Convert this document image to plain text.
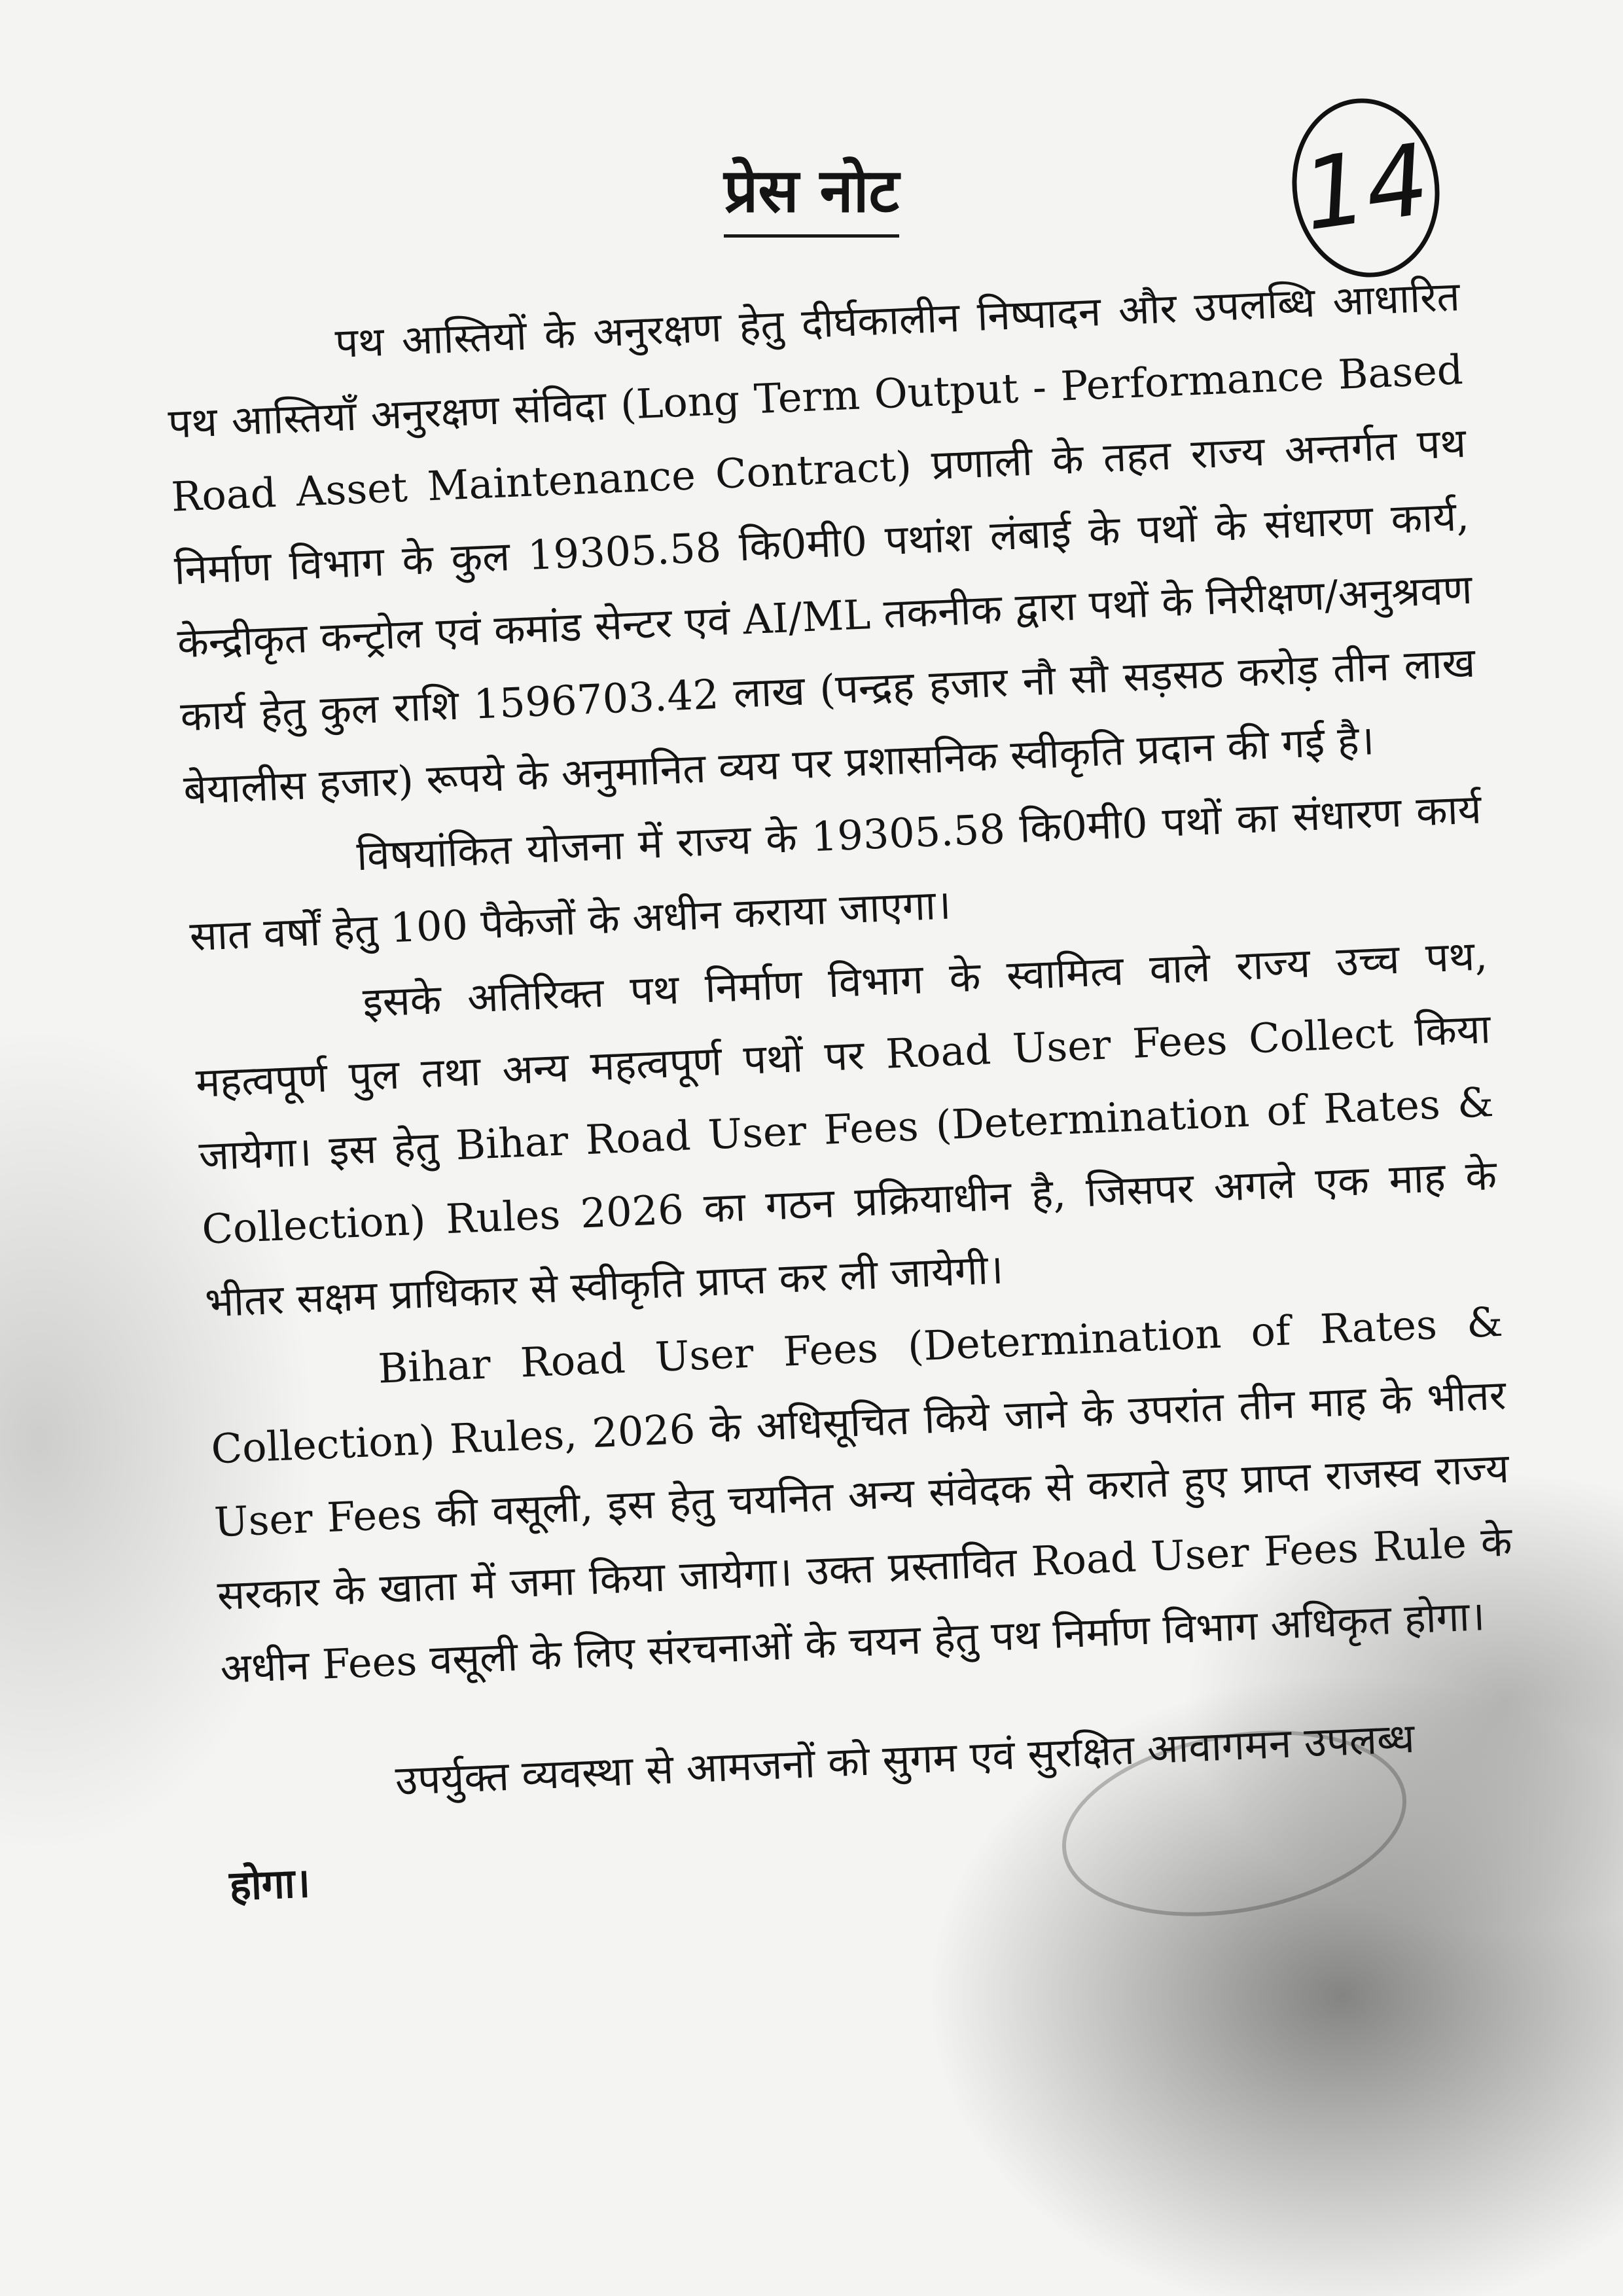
प्रेस नोट	14

पथ आस्तियों के अनुरक्षण हेतु दीर्घकालीन निष्पादन और उपलब्धि आधारित पथ आस्तियाँ अनुरक्षण संविदा (Long Term Output - Performance Based Road Asset Maintenance Contract) प्रणाली के तहत राज्य अन्तर्गत पथ निर्माण विभाग के कुल 19305.58 कि0मी0 पथांश लंबाई के पथों के संधारण कार्य, केन्द्रीकृत कन्ट्रोल एवं कमांड सेन्टर एवं AI/ML तकनीक द्वारा पथों के निरीक्षण/अनुश्रवण कार्य हेतु कुल राशि 1596703.42 लाख (पन्द्रह हजार नौ सौ सड़सठ करोड़ तीन लाख बेयालीस हजार) रूपये के अनुमानित व्यय पर प्रशासनिक स्वीकृति प्रदान की गई है।

विषयांकित योजना में राज्य के 19305.58 कि0मी0 पथों का संधारण कार्य सात वर्षों हेतु 100 पैकेजों के अधीन कराया जाएगा।

इसके अतिरिक्त पथ निर्माण विभाग के स्वामित्व वाले राज्य उच्च पथ, महत्वपूर्ण पुल तथा अन्य महत्वपूर्ण पथों पर Road User Fees Collect किया जायेगा। इस हेतु Bihar Road User Fees (Determination of Rates & Collection) Rules 2026 का गठन प्रक्रियाधीन है, जिसपर अगले एक माह के भीतर सक्षम प्राधिकार से स्वीकृति प्राप्त कर ली जायेगी।

Bihar Road User Fees (Determination of Rates & Collection) Rules, 2026 के अधिसूचित किये जाने के उपरांत तीन माह के भीतर User Fees की वसूली, इस हेतु चयनित अन्य संवेदक से कराते हुए प्राप्त राजस्व राज्य सरकार के खाता में जमा किया जायेगा। उक्त प्रस्तावित Road User Fees Rule के अधीन Fees वसूली के लिए संरचनाओं के चयन हेतु पथ निर्माण विभाग अधिकृत होगा।

उपर्युक्त व्यवस्था से आमजनों को सुगम एवं सुरक्षित आवागमन उपलब्ध

होगा।
